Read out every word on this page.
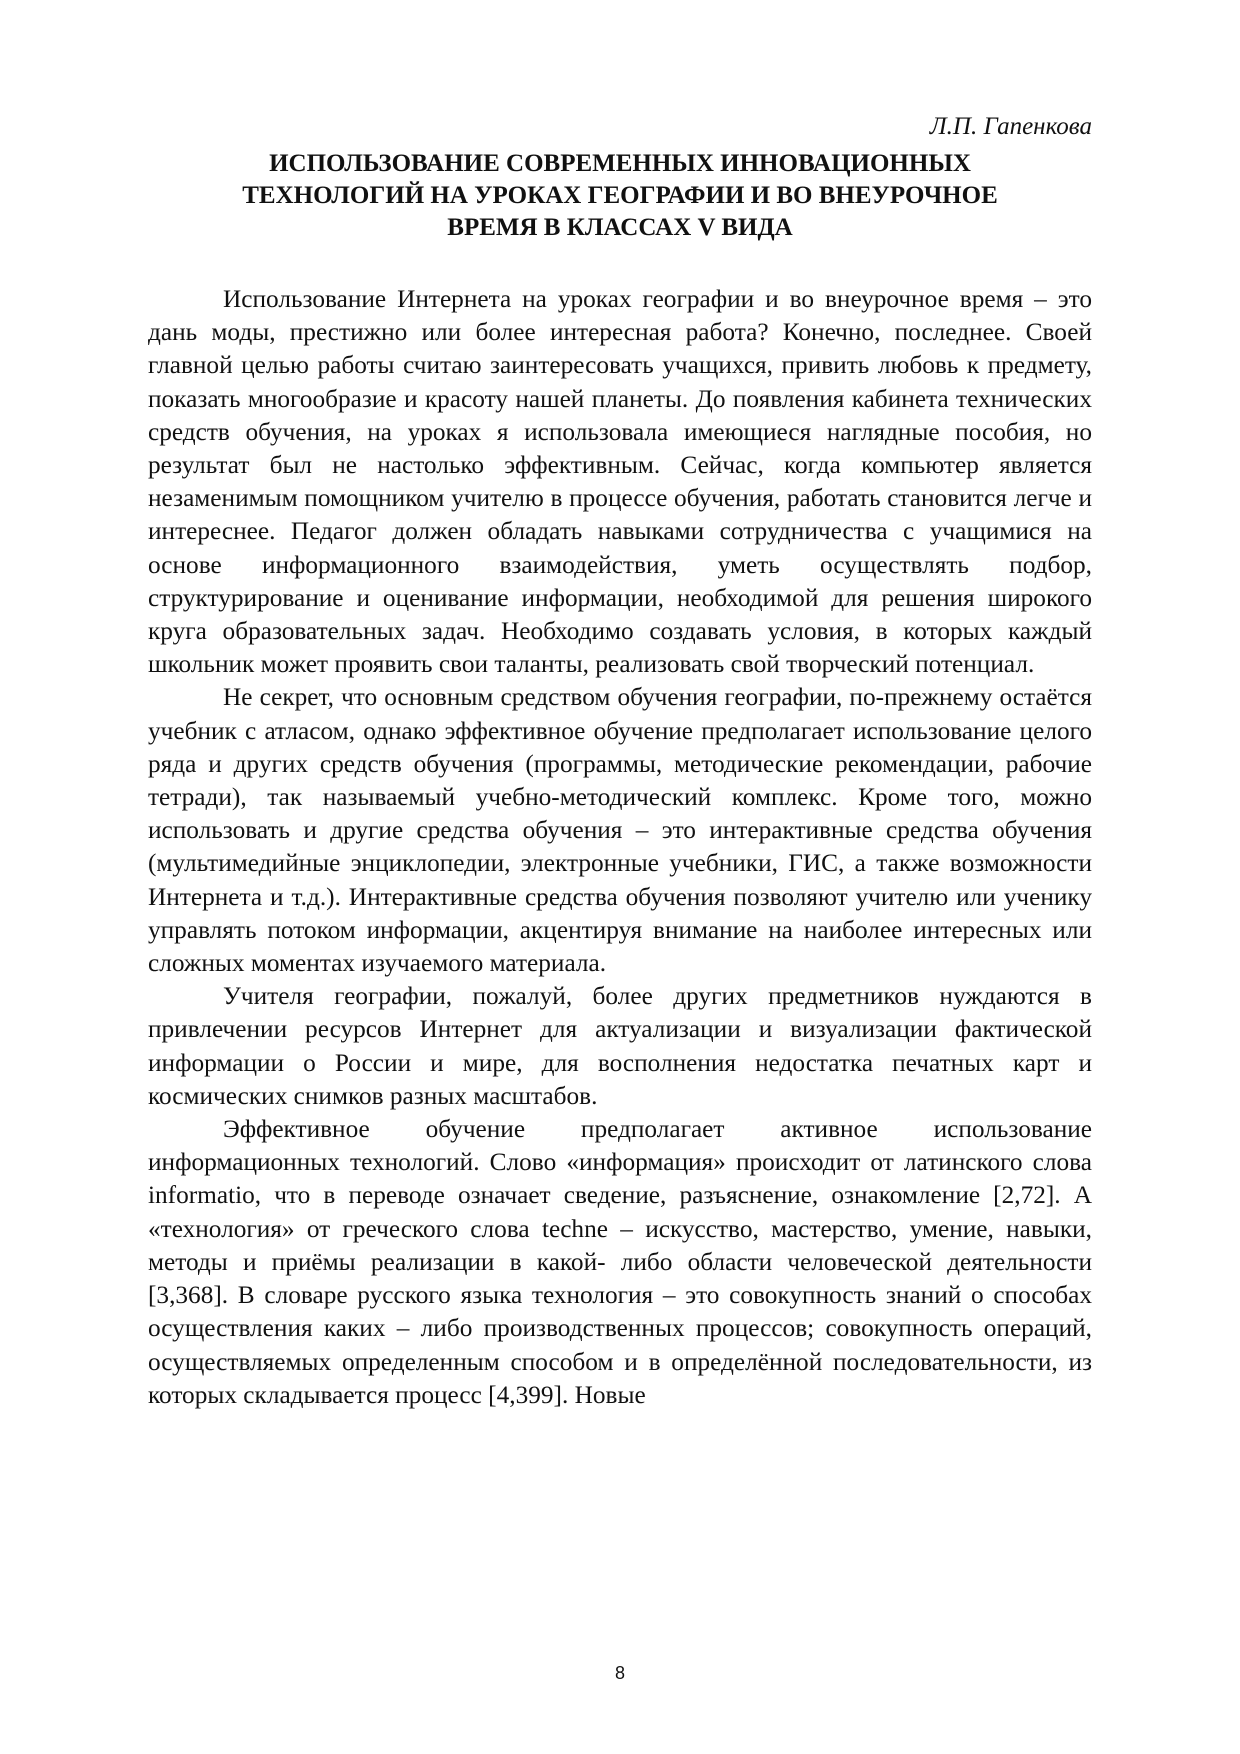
Л.П. Гапенкова

ИСПОЛЬЗОВАНИЕ СОВРЕМЕННЫХ ИННОВАЦИОННЫХ
ТЕХНОЛОГИЙ НА УРОКАХ ГЕОГРАФИИ И ВО ВНЕУРОЧНОЕ
ВРЕМЯ В КЛАССАХ V ВИДА

Использование Интернета на уроках географии и во внеурочное время – это дань моды, престижно или более интересная работа? Конечно, последнее. Своей главной целью работы считаю заинтересовать учащихся, привить любовь к предмету, показать многообразие и красоту нашей планеты. До появления кабинета технических средств обучения, на уроках я использовала имеющиеся наглядные пособия, но результат был не настолько эффективным. Сейчас, когда компьютер является незаменимым помощником учителю в процессе обучения, работать становится легче и интереснее. Педагог должен обладать навыками сотрудничества с учащимися на основе информационного взаимодействия, уметь осуществлять подбор, структурирование и оценивание информации, необходимой для решения широкого круга образовательных задач. Необходимо создавать условия, в которых каждый школьник может проявить свои таланты, реализовать свой творческий потенциал.

Не секрет, что основным средством обучения географии, по-прежнему остаётся учебник с атласом, однако эффективное обучение предполагает использование целого ряда и других средств обучения (программы, методические рекомендации, рабочие тетради), так называемый учебно-методический комплекс. Кроме того, можно использовать и другие средства обучения – это интерактивные средства обучения (мультимедийные энциклопедии, электронные учебники, ГИС, а также возможности Интернета и т.д.). Интерактивные средства обучения позволяют учителю или ученику управлять потоком информации, акцентируя внимание на наиболее интересных или сложных моментах изучаемого материала.

Учителя географии, пожалуй, более других предметников нуждаются в привлечении ресурсов Интернет для актуализации и визуализации фактической информации о России и мире, для восполнения недостатка печатных карт и космических снимков разных масштабов.

Эффективное обучение предполагает активное использование информационных технологий. Слово «информация» происходит от латинского слова informatio, что в переводе означает сведение, разъяснение, ознакомление [2,72]. А «технология» от греческого слова techne – искусство, мастерство, умение, навыки, методы и приёмы реализации в какой- либо области человеческой деятельности [3,368]. В словаре русского языка технология – это совокупность знаний о способах осуществления каких – либо производственных процессов; совокупность операций, осуществляемых определенным способом и в определённой последовательности, из которых складывается процесс [4,399]. Новые

8
